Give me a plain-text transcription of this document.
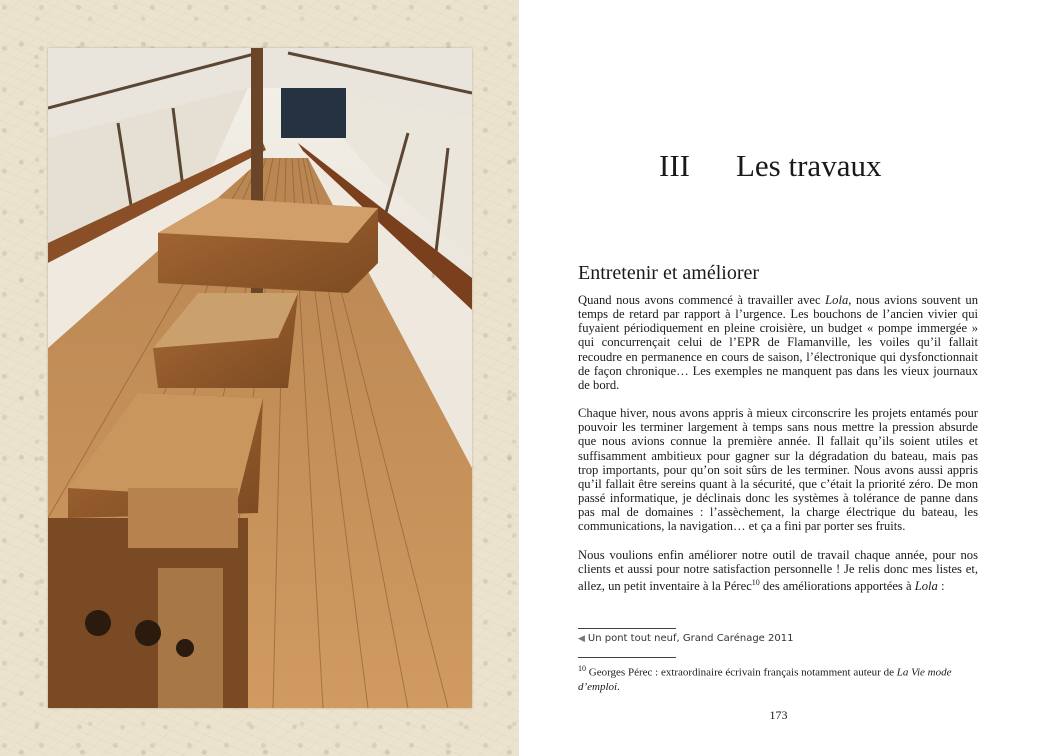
III Les travaux
Entretenir et améliorer

Quand nous avons commencé à travailler avec Lola, nous avions souvent un temps de retard par rapport à l’urgence. Les bouchons de l’ancien vivier qui fuyaient périodiquement en pleine croisière, un budget « pompe immergée » qui concurrençait celui de l’EPR de Flamanville, les voiles qu’il fallait recoudre en permanence en cours de saison, l’électronique qui dysfonctionnait de façon chronique… Les exemples ne manquent pas dans les vieux journaux de bord.

Chaque hiver, nous avons appris à mieux circonscrire les projets entamés pour pouvoir les terminer largement à temps sans nous mettre la pression absurde que nous avions connue la première année. Il fallait qu’ils soient utiles et suffisamment ambitieux pour gagner sur la dégradation du bateau, mais pas trop importants, pour qu’on soit sûrs de les terminer. Nous avons aussi appris qu’il fallait être sereins quant à la sécurité, que c’était la priorité zéro. De mon passé informatique, je déclinais donc les systèmes à tolérance de panne dans pas mal de domaines : l’assèchement, la charge électrique du bateau, les communications, la navigation… et ça a fini par porter ses fruits.

Nous voulions enfin améliorer notre outil de travail chaque année, pour nos clients et aussi pour notre satisfaction personnelle ! Je relis donc mes listes et, allez, un petit inventaire à la Pérec$^{10}$ des améliorations apportées à Lola :

◀ Un pont tout neuf, Grand Carénage 2011
$^{10}$ Georges Pérec : extraordinaire écrivain français notamment auteur de La Vie mode d’emploi.
173
